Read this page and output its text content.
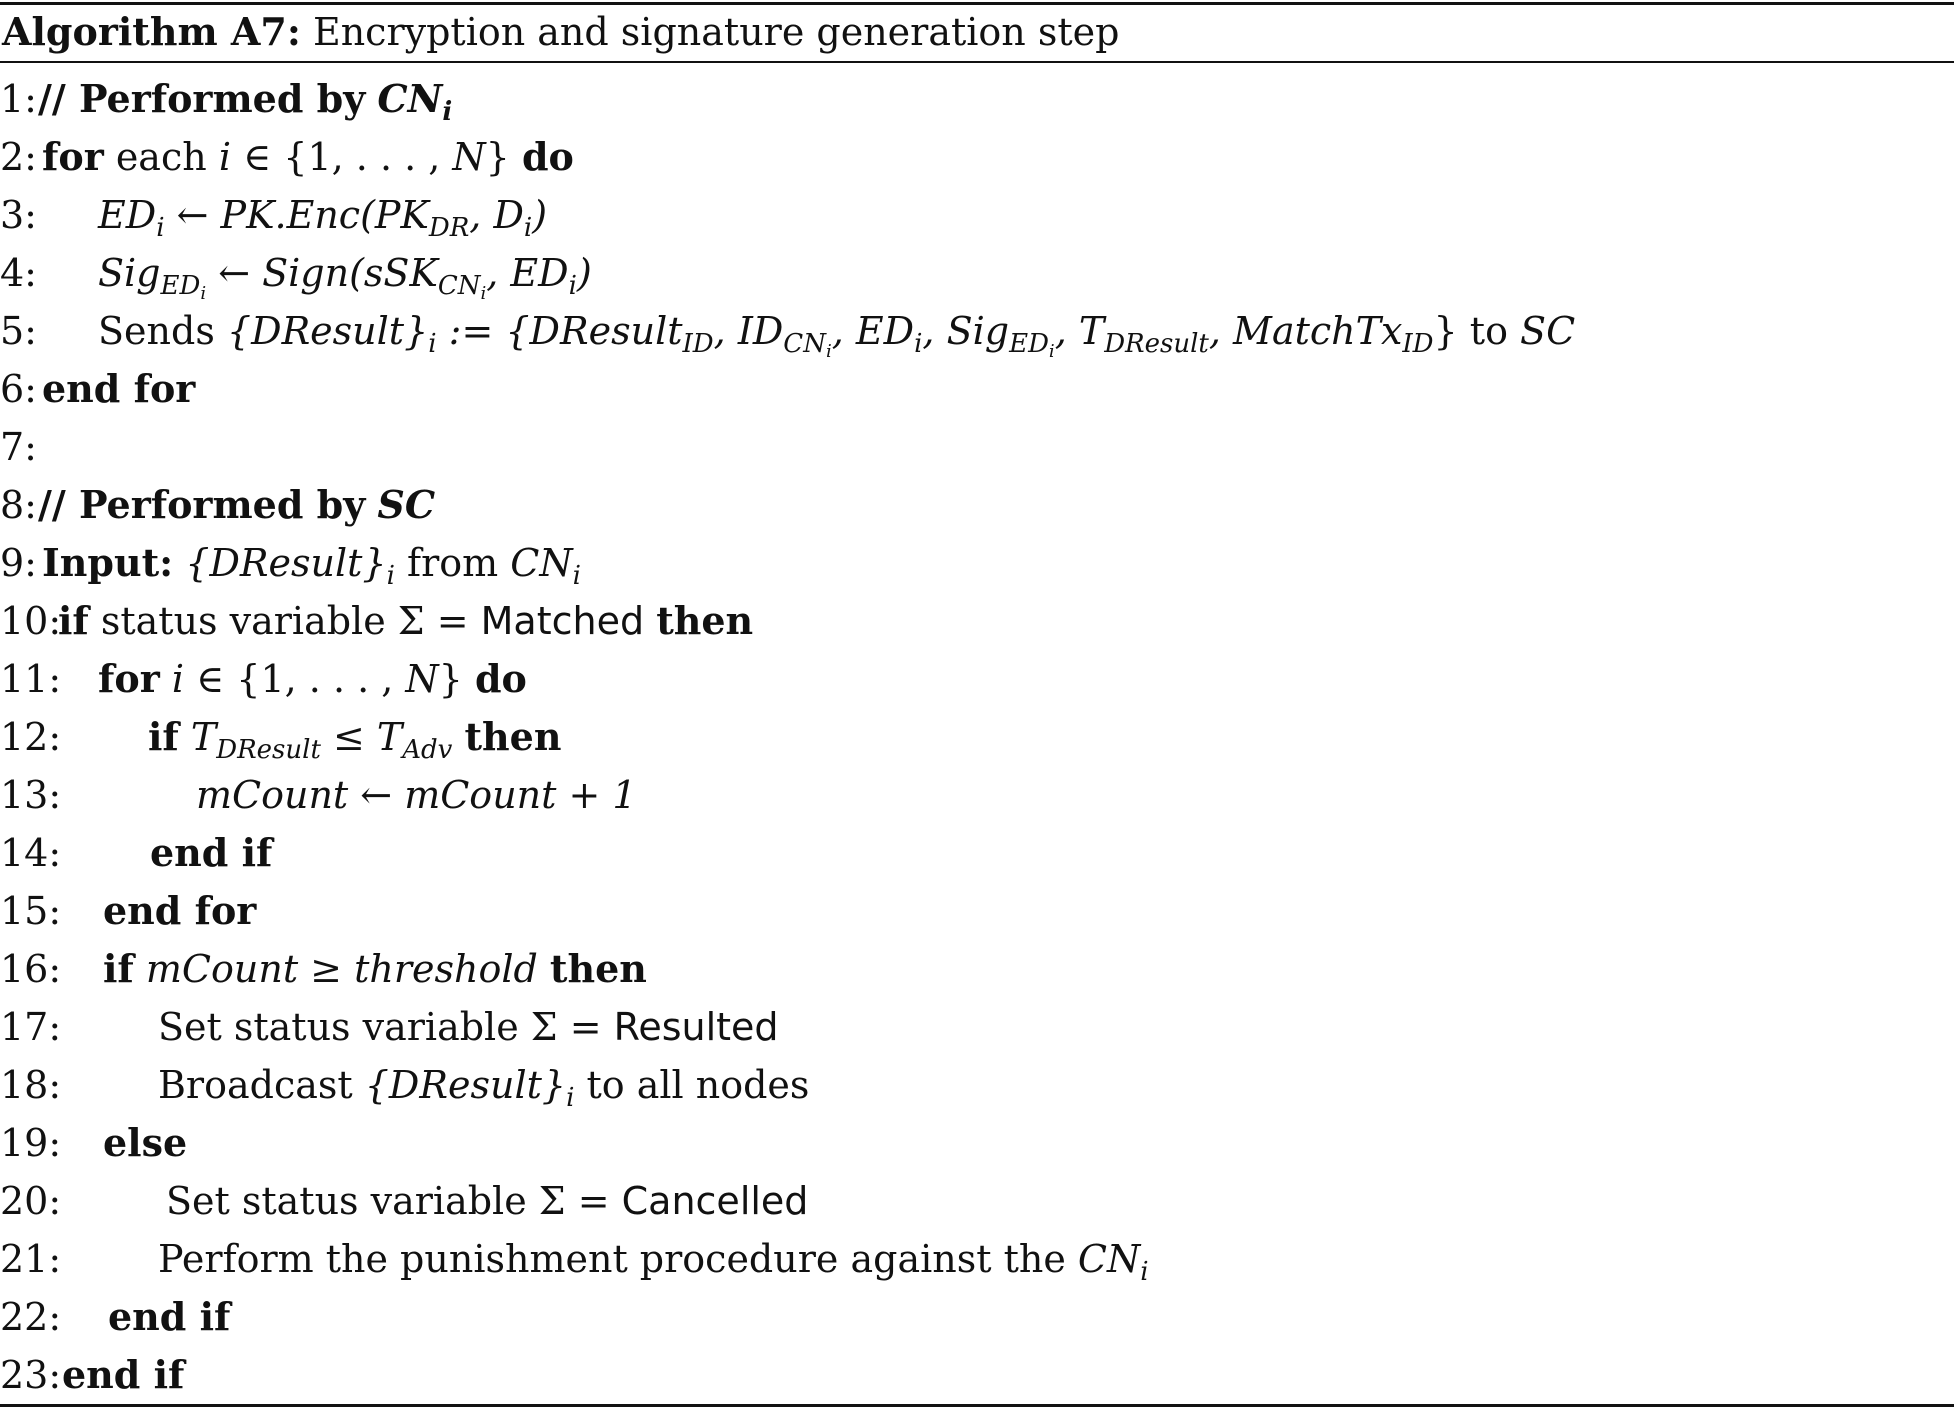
Algorithm A7: Encryption and signature generation step
1: // Performed by $CN_i$
2: for each i ∈ {1, . . . , N} do
3: $ED_i$ ← $PK.Enc(PK_{DR}$, $D_i$)
4: Sig$_{ED_i}$ ← Sign(sSK$_{CN_i}$, $ED_i$)
5: Sends $\{DResult\}_i$ := {DResult$_{ID}$, $ID_{CN_i}$, $ED_i$, Sig$_{ED_i}$, $T_{DResult}$, MatchTx$_{ID}$} to SC
6: end for
7:
8: // Performed by SC
9: Input: $\{DResult\}_i$ from $CN_i$
10:
if status variable Σ = Matched then
11: for i ∈ {1, . . . , N} do
12: if $T_{DResult} \le T_{Adv}$ then
13:	mCount ← mCount + 1
14: end if
15: end for
16: if mCount ≥ threshold then
17:	Set status variable Σ = Resulted
18:	Broadcast $\{DResult\}_i$ to all nodes
19: else
20:	Set status variable Σ = Cancelled
21:	Perform the punishment procedure against the $CN_i$
22: end if
23: end if
